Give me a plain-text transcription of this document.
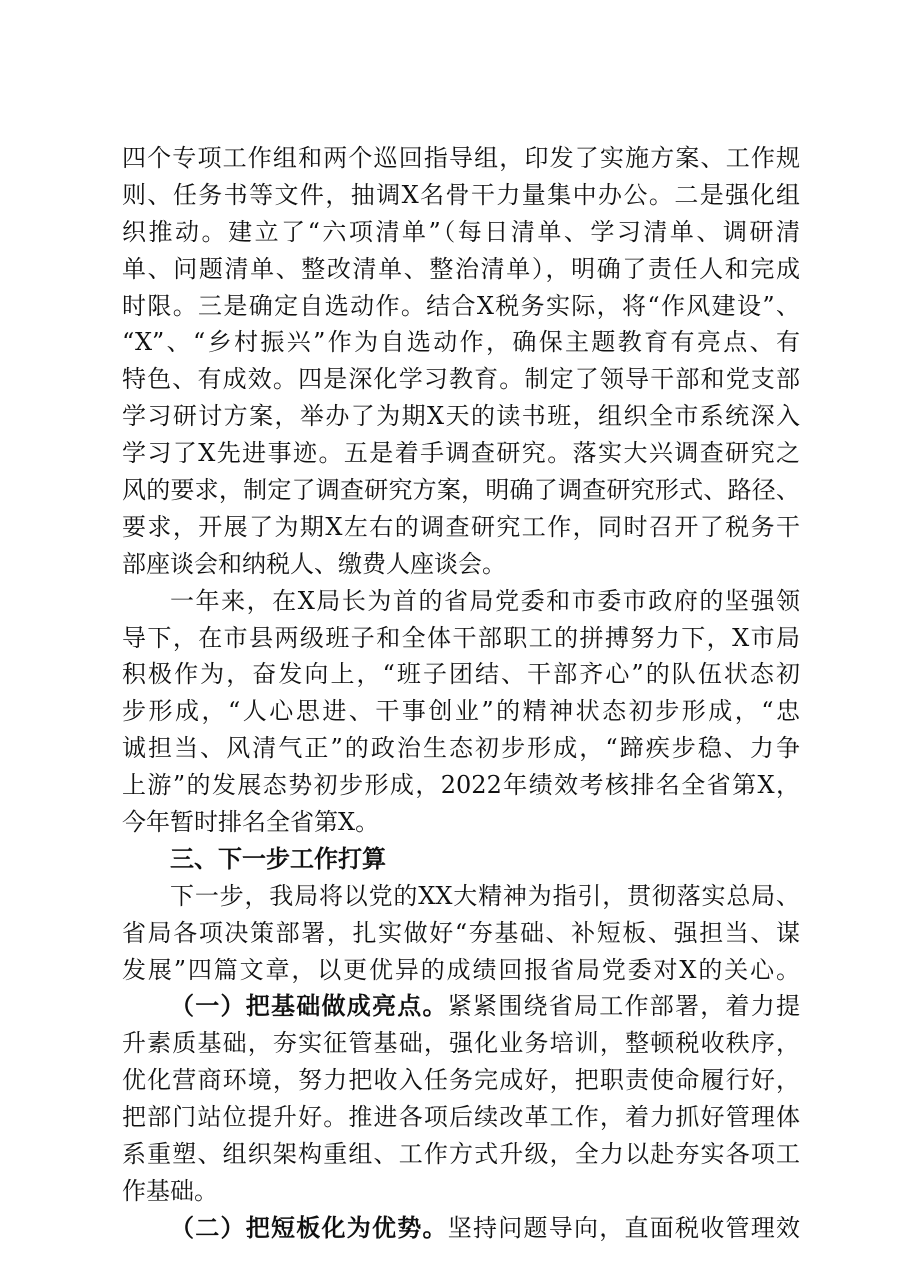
四个专项工作组和两个巡回指导组，印发了实施方案、工作规
则、任务书等文件，抽调X名骨干力量集中办公。二是强化组
织推动。建立了“六项清单”（每日清单、学习清单、调研清
单、问题清单、整改清单、整治清单），明确了责任人和完成
时限。三是确定自选动作。结合X税务实际，将“作风建设”、
“X”、“乡村振兴”作为自选动作，确保主题教育有亮点、有
特色、有成效。四是深化学习教育。制定了领导干部和党支部
学习研讨方案，举办了为期X天的读书班，组织全市系统深入
学习了X先进事迹。五是着手调查研究。落实大兴调查研究之
风的要求，制定了调查研究方案，明确了调查研究形式、路径、
要求，开展了为期X左右的调查研究工作，同时召开了税务干
部座谈会和纳税人、缴费人座谈会。
一年来，在X局长为首的省局党委和市委市政府的坚强领
导下，在市县两级班子和全体干部职工的拼搏努力下，X市局
积极作为，奋发向上，“班子团结、干部齐心”的队伍状态初
步形成，“人心思进、干事创业”的精神状态初步形成，“忠
诚担当、风清气正”的政治生态初步形成，“蹄疾步稳、力争
上游”的发展态势初步形成，2022年绩效考核排名全省第X，
今年暂时排名全省第X。
三、下一步工作打算
下一步，我局将以党的XX大精神为指引，贯彻落实总局、
省局各项决策部署，扎实做好“夯基础、补短板、强担当、谋
发展”四篇文章，以更优异的成绩回报省局党委对X的关心。
（一）把基础做成亮点。紧紧围绕省局工作部署，着力提
升素质基础，夯实征管基础，强化业务培训，整顿税收秩序，
优化营商环境，努力把收入任务完成好，把职责使命履行好，
把部门站位提升好。推进各项后续改革工作，着力抓好管理体
系重塑、组织架构重组、工作方式升级，全力以赴夯实各项工
作基础。
（二）把短板化为优势。坚持问题导向，直面税收管理效
